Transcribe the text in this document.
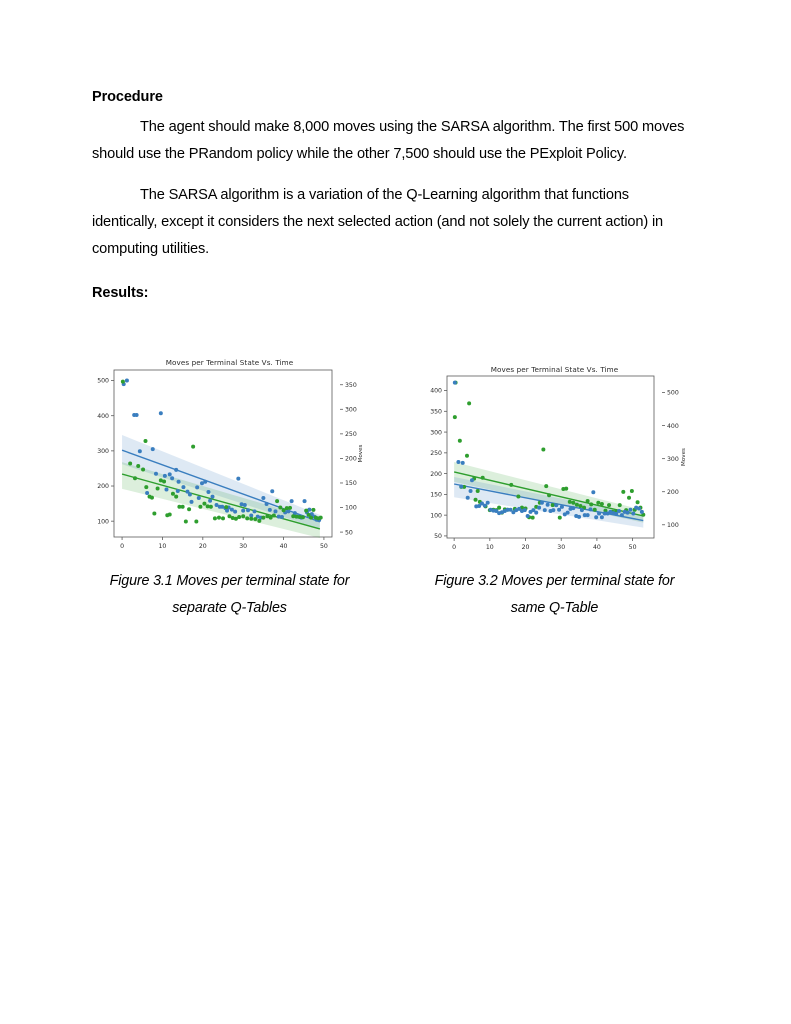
Procedure

The agent should make 8,000 moves using the SARSA algorithm. The first 500 moves should use the PRandom policy while the other 7,500 should use the PExploit Policy.

The SARSA algorithm is a variation of the Q-Learning algorithm that functions identically, except it considers the next selected action (and not solely the current action) in computing utilities.

Results:
Moves per Terminal State Vs. Time
0	10	20	30	40	50
100
200
300
400
500
50
100
150
200
250
300
350
Moves
Figure 3.1 Moves per terminal state for
separate Q-Tables
Moves per Terminal State Vs. Time
0	10	20	30	40	50
50
100
150
200
250
300
350
400
100
200
300
400
500
Moves
Figure 3.2 Moves per terminal state for
same Q-Table
